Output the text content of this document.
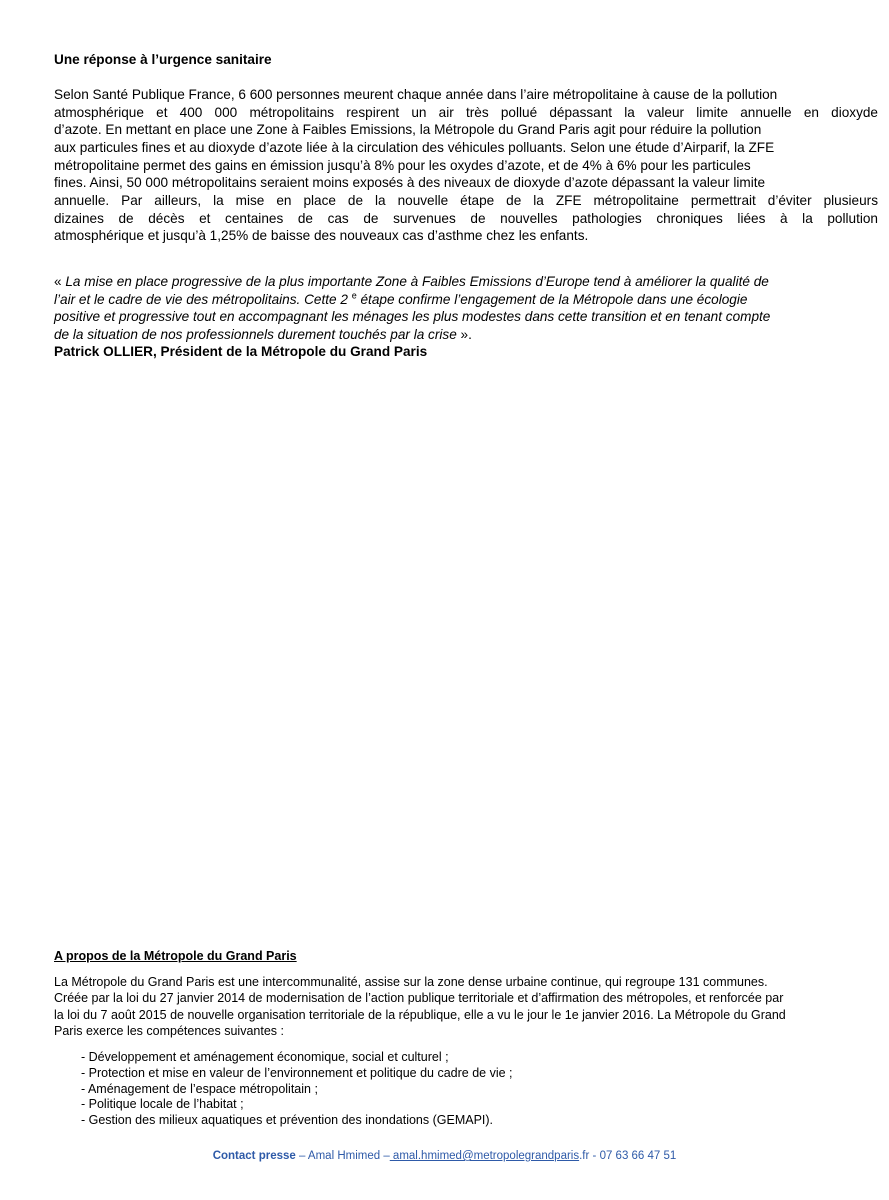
Une réponse à l’urgence sanitaire

Selon Santé Publique France, 6 600 personnes meurent chaque année dans l’aire métropolitaine à cause de la pollution
atmosphérique et 400 000 métropolitains respirent un air très pollué dépassant la valeur limite annuelle en dioxyde
d’azote. En mettant en place une Zone à Faibles Emissions, la Métropole du Grand Paris agit pour réduire la pollution
aux particules fines et au dioxyde d’azote liée à la circulation des véhicules polluants. Selon une étude d’Airparif, la ZFE
métropolitaine permet des gains en émission jusqu’à 8% pour les oxydes d’azote, et de 4% à 6% pour les particules
fines. Ainsi, 50 000 métropolitains seraient moins exposés à des niveaux de dioxyde d’azote dépassant la valeur limite
annuelle. Par ailleurs, la mise en place de la nouvelle étape de la ZFE métropolitaine permettrait d’éviter plusieurs
dizaines de décès et centaines de cas de survenues de nouvelles pathologies chroniques liées à la pollution
atmosphérique et jusqu’à 1,25% de baisse des nouveaux cas d’asthme chez les enfants.

« La mise en place progressive de la plus importante Zone à Faibles Emissions d’Europe tend à améliorer la qualité de
l’air et le cadre de vie des métropolitains. Cette 2 $^e$ étape confirme l’engagement de la Métropole dans une écologie
positive et progressive tout en accompagnant les ménages les plus modestes dans cette transition et en tenant compte
de la situation de nos professionnels durement touchés par la crise ».
Patrick OLLIER, Président de la Métropole du Grand Paris

A propos de la Métropole du Grand Paris

La Métropole du Grand Paris est une intercommunalité, assise sur la zone dense urbaine continue, qui regroupe 131 communes.
Créée par la loi du 27 janvier 2014 de modernisation de l’action publique territoriale et d’affirmation des métropoles, et renforcée par
la loi du 7 août 2015 de nouvelle organisation territoriale de la république, elle a vu le jour le 1e janvier 2016. La Métropole du Grand
Paris exerce les compétences suivantes :

- Développement et aménagement économique, social et culturel ;
- Protection et mise en valeur de l’environnement et politique du cadre de vie ;
- Aménagement de l’espace métropolitain ;
- Politique locale de l’habitat ;
- Gestion des milieux aquatiques et prévention des inondations (GEMAPI).
Contact presse – Amal Hmimed – amal.hmimed@metropolegrandparis.fr - 07 63 66 47 51
